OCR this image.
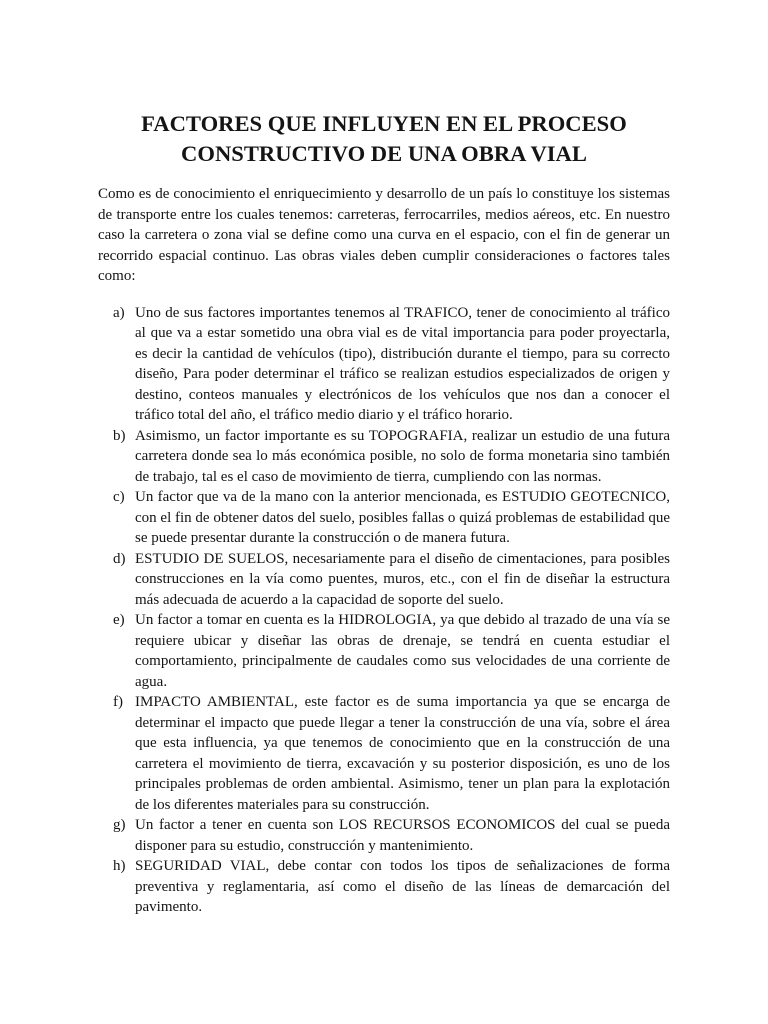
FACTORES QUE INFLUYEN EN EL PROCESO
CONSTRUCTIVO DE UNA OBRA VIAL

Como es de conocimiento el enriquecimiento y desarrollo de un país lo constituye los sistemas de transporte entre los cuales tenemos: carreteras, ferrocarriles, medios aéreos, etc. En nuestro caso la carretera o zona vial se define como una curva en el espacio, con el fin de generar un recorrido espacial continuo. Las obras viales deben cumplir consideraciones o factores tales como:

a) Uno de sus factores importantes tenemos al TRAFICO, tener de conocimiento al tráfico al que va a estar sometido una obra vial es de vital importancia para poder proyectarla, es decir la cantidad de vehículos (tipo), distribución durante el tiempo, para su correcto diseño, Para poder determinar el tráfico se realizan estudios especializados de origen y destino, conteos manuales y electrónicos de los vehículos que nos dan a conocer el tráfico total del año, el tráfico medio diario y el tráfico horario.
b) Asimismo, un factor importante es su TOPOGRAFIA, realizar un estudio de una futura carretera donde sea lo más económica posible, no solo de forma monetaria sino también de trabajo, tal es el caso de movimiento de tierra, cumpliendo con las normas.
c) Un factor que va de la mano con la anterior mencionada, es ESTUDIO GEOTECNICO, con el fin de obtener datos del suelo, posibles fallas o quizá problemas de estabilidad que se puede presentar durante la construcción o de manera futura.
d) ESTUDIO DE SUELOS, necesariamente para el diseño de cimentaciones, para posibles construcciones en la vía como puentes, muros, etc., con el fin de diseñar la estructura más adecuada de acuerdo a la capacidad de soporte del suelo.
e) Un factor a tomar en cuenta es la HIDROLOGIA, ya que debido al trazado de una vía se requiere ubicar y diseñar las obras de drenaje, se tendrá en cuenta estudiar el comportamiento, principalmente de caudales como sus velocidades de una corriente de agua.
f) IMPACTO AMBIENTAL, este factor es de suma importancia ya que se encarga de determinar el impacto que puede llegar a tener la construcción de una vía, sobre el área que esta influencia, ya que tenemos de conocimiento que en la construcción de una carretera el movimiento de tierra, excavación y su posterior disposición, es uno de los principales problemas de orden ambiental. Asimismo, tener un plan para la explotación de los diferentes materiales para su construcción.
g) Un factor a tener en cuenta son LOS RECURSOS ECONOMICOS del cual se pueda disponer para su estudio, construcción y mantenimiento.
h) SEGURIDAD VIAL, debe contar con todos los tipos de señalizaciones de forma preventiva y reglamentaria, así como el diseño de las líneas de demarcación del pavimento.
